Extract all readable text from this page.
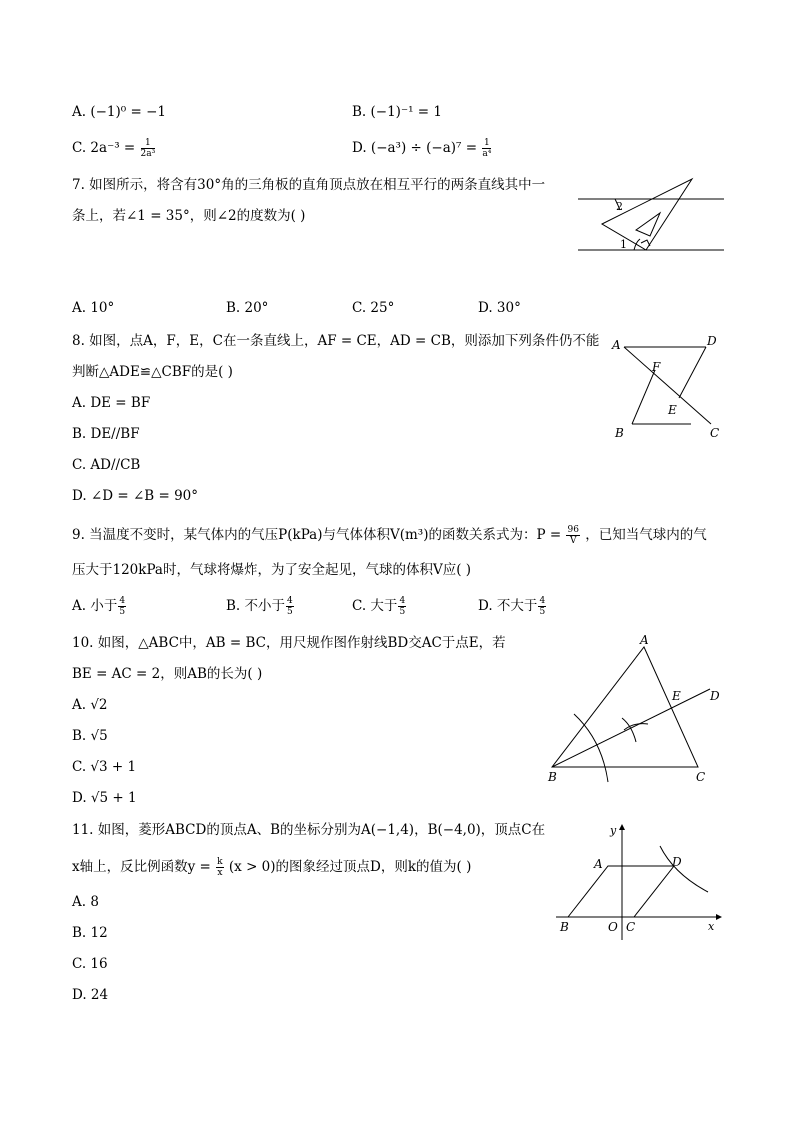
A. (−1)⁰ = −1	B. (−1)⁻¹ = 1
C. $2a^{-3} = \frac{1}{\text{2a³}}$	D. $(-a^3) \div (-a)^7 = \frac{1}{\text{a⁴}}$
7. 如图所示，将含有30°角的三角板的直角顶点放在相互平行的两条直线其中一
条上，若∠1 = 35°，则∠2的度数为( )
2
1
A. 10°	B. 20°	C. 25°	D. 30°
8. 如图，点A，F，E，C在一条直线上，AF = CE，AD = CB，则添加下列条件仍不能
判断△ADE≌△CBF的是( )
A	D
F
E
B	C
A. DE = BF
B. DE//BF
C. AD//CB
D. ∠D = ∠B = 90°
9. 当温度不变时，某气体内的气压P(kPa)与气体体积V(m³)的函数关系式为：$P = \frac{96}{V}$ ，已知当气球内的气
压大于120kPa时，气球将爆炸，为了安全起见，气球的体积V应( )
A. 小于 $\frac{4}{5}$	B. 不小于 $\frac{4}{5}$	C. 大于 $\frac{4}{5}$	D. 不大于 $\frac{4}{5}$
10. 如图，△ABC中，AB = BC，用尺规作图作射线BD交AC于点E，若
BE = AC = 2，则AB的长为( )
A
B	C
D
E
A. √2
B. √5
C. √3 + 1
D. √5 + 1
11. 如图，菱形ABCD的顶点A、B的坐标分别为A(−1,4)，B(−4,0)，顶点C在
x轴上，反比例函数$y = \frac{k}{x} (x > 0)$的图象经过顶点D，则k的值为( )
y
x
A	D
B	O C
A. 8
B. 12
C. 16
D. 24
